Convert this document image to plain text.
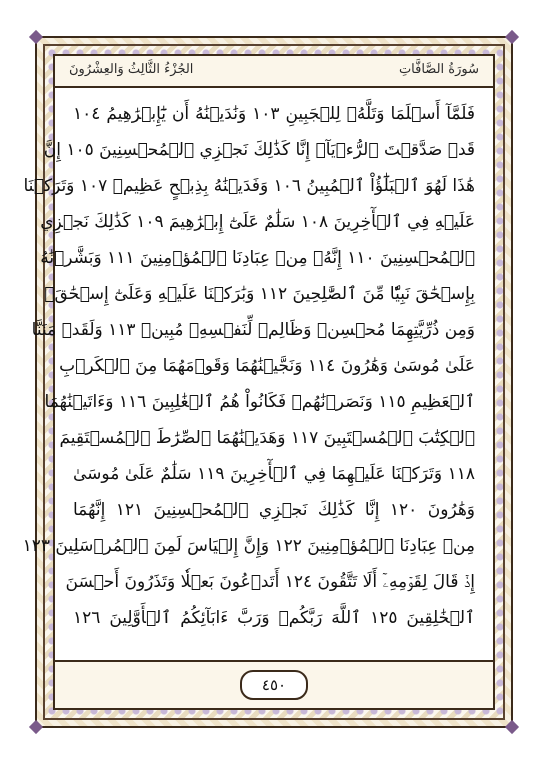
الجُزْءُ الثَّالِثُ وَالعِشْرُونَ	سُورَةُ الصَّافَّاتِ
فَلَمَّآ أَسۡلَمَا وَتَلَّهُۥ لِلۡجَبِينِ ١٠٣ وَنَٰدَيۡنَٰهُ أَن يَٰٓإِبۡرَٰهِيمُ ١٠٤
قَدۡ صَدَّقۡتَ ٱلرُّءۡيَآۚ إِنَّا كَذَٰلِكَ نَجۡزِي ٱلۡمُحۡسِنِينَ ١٠٥ إِنَّ
هَٰذَا لَهُوَ ٱلۡبَلَٰٓؤُاْ ٱلۡمُبِينُ ١٠٦ وَفَدَيۡنَٰهُ بِذِبۡحٍ عَظِيمٖ ١٠٧ وَتَرَكۡنَا
عَلَيۡهِ فِي ٱلۡأٓخِرِينَ ١٠٨ سَلَٰمٌ عَلَىٰٓ إِبۡرَٰهِيمَ ١٠٩ كَذَٰلِكَ نَجۡزِي
ٱلۡمُحۡسِنِينَ ١١٠ إِنَّهُۥ مِنۡ عِبَادِنَا ٱلۡمُؤۡمِنِينَ ١١١ وَبَشَّرۡنَٰهُ
بِإِسۡحَٰقَ نَبِيّٗا مِّنَ ٱلصَّٰلِحِينَ ١١٢ وَبَٰرَكۡنَا عَلَيۡهِ وَعَلَىٰٓ إِسۡحَٰقَۚ
وَمِن ذُرِّيَّتِهِمَا مُحۡسِنٞ وَظَالِمٞ لِّنَفۡسِهِۦ مُبِينٞ ١١٣ وَلَقَدۡ مَنَنَّا
عَلَىٰ مُوسَىٰ وَهَٰرُونَ ١١٤ وَنَجَّيۡنَٰهُمَا وَقَوۡمَهُمَا مِنَ ٱلۡكَرۡبِ
ٱلۡعَظِيمِ ١١٥ وَنَصَرۡنَٰهُمۡ فَكَانُواْ هُمُ ٱلۡغَٰلِبِينَ ١١٦ وَءَاتَيۡنَٰهُمَا
ٱلۡكِتَٰبَ ٱلۡمُسۡتَبِينَ ١١٧ وَهَدَيۡنَٰهُمَا ٱلصِّرَٰطَ ٱلۡمُسۡتَقِيمَ
١١٨ وَتَرَكۡنَا عَلَيۡهِمَا فِي ٱلۡأٓخِرِينَ ١١٩ سَلَٰمٌ عَلَىٰ مُوسَىٰ
وَهَٰرُونَ ١٢٠ إِنَّا كَذَٰلِكَ نَجۡزِي ٱلۡمُحۡسِنِينَ ١٢١ إِنَّهُمَا
مِنۡ عِبَادِنَا ٱلۡمُؤۡمِنِينَ ١٢٢ وَإِنَّ إِلۡيَاسَ لَمِنَ ٱلۡمُرۡسَلِينَ ١٢٣
إِذۡ قَالَ لِقَوۡمِهِۦٓ أَلَا تَتَّقُونَ ١٢٤ أَتَدۡعُونَ بَعۡلٗا وَتَذَرُونَ أَحۡسَنَ
ٱلۡخَٰلِقِينَ ١٢٥ ٱللَّهَ رَبَّكُمۡ وَرَبَّ ءَابَآئِكُمُ ٱلۡأَوَّلِينَ ١٢٦
٤٥٠
